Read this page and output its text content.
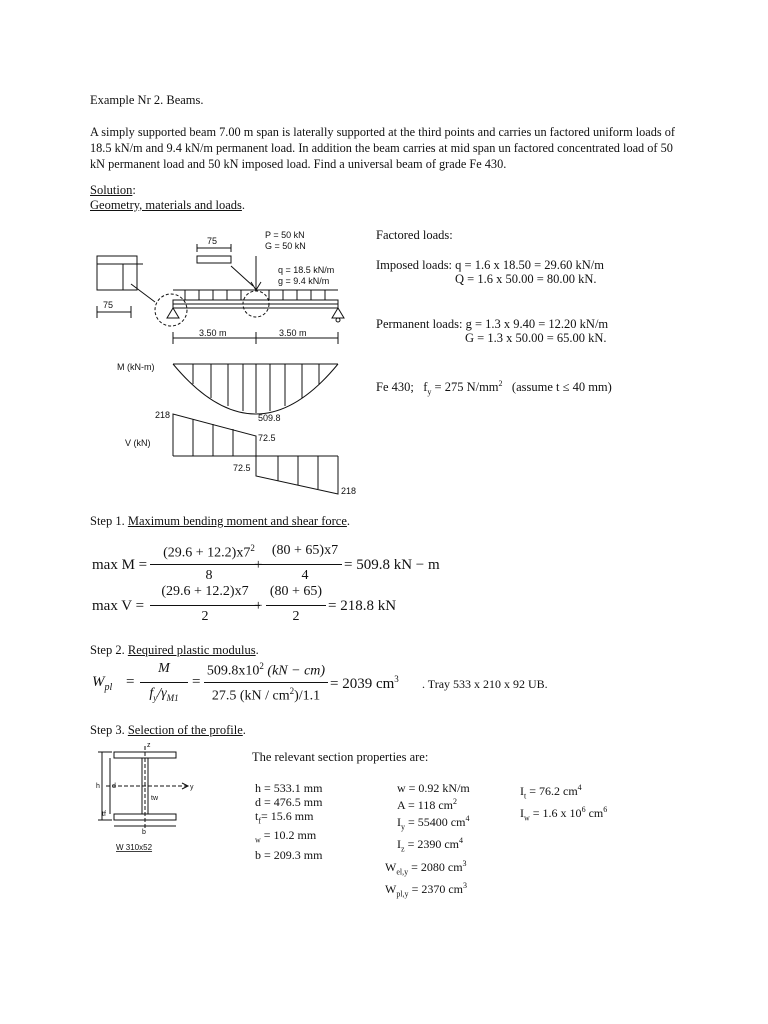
Example Nr 2. Beams.
A simply supported beam 7.00 m span is laterally supported at the third points and carries un factored uniform loads of 18.5 kN/m and 9.4 kN/m permanent load. In addition the beam carries at mid span un factored concentrated load of 50 kN permanent load and 50 kN imposed load. Find a universal beam of grade Fe 430.
Solution:
Geometry, materials and loads.
75
75
P = 50 kN
G = 50 kN
q = 18.5 kN/m
g = 9.4 kN/m
3.50 m	3.50 m
M (kN-m)
509.8
218
V (kN)	72.5
72.5
218
Factored loads:
Imposed loads: q = 1.6 x 18.50 = 29.60 kN/m
Q = 1.6 x 50.00 = 80.00 kN.
Permanent loads: g = 1.3 x 9.40 = 12.20 kN/m
G = 1.3 x 50.00 = 65.00 kN.
Fe 430; $f_y = 275$ $N/mm^2$ (assume t ≤ 40 mm)
Step 1. Maximum bending moment and shear force.
max M =
$(29.6 + 12.2)x7^2$
8
+
(80 + 65)x7
4
= 509.8 kN − m
max V =
(29.6 + 12.2)x7
2
+
(80 + 65)
2
= 218.8 kN
Step 2. Required plastic modulus.
$W_{pl}$ =
M
$f_y/\gamma_{M1}$
=
$509.8x10^2$ (kN − cm)
27.5 $(kN / cm^2)/1.1$
= 2039 $cm^3$ . Tray 533 x 210 x 92 UB.
Step 3. Selection of the profile.
z
y
tw
h d
b
tf
W 310x52
The relevant section properties are:
h = 533.1 mm
d = 476.5 mm
$t_f= 15.6$ mm
$_w$ = 10.2 mm
b = 209.3 mm
w = 0.92 kN/m
A = 118 $cm^2$
$I_y = 55400$ $cm^4$
$I_z = 2390$ $cm^4$
$W_{el,y} = 2080$ $cm^3$
$W_{pl,y} = 2370$ $cm^3$
$I_t = 76.2$ $cm^4$
$I_w = 1.6$ x $10^6$ $cm^6$
